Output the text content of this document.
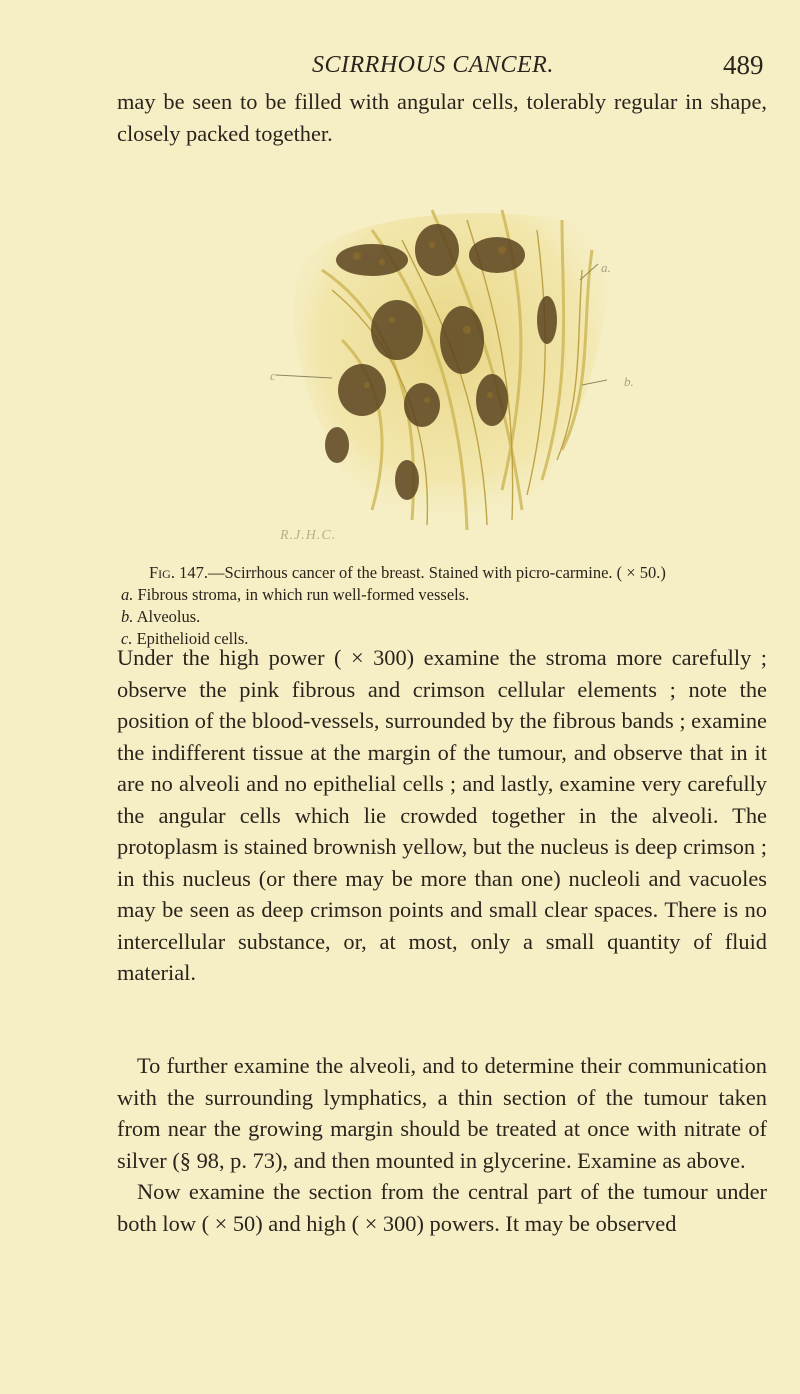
SCIRRHOUS CANCER.	489

may be seen to be filled with angular cells, tolerably regular in shape, closely packed together.

a.
b.
c
R.J.H.C.

Fig. 147.—Scirrhous cancer of the breast. Stained with picro-carmine. ( × 50.)

a. Fibrous stroma, in which run well-formed vessels.

b. Alveolus.

c. Epithelioid cells.

Under the high power ( × 300) examine the stroma more carefully ; observe the pink fibrous and crimson cellular elements ; note the position of the blood-vessels, surrounded by the fibrous bands ; examine the indifferent tissue at the margin of the tumour, and observe that in it are no alveoli and no epithelial cells ; and lastly, examine very carefully the angular cells which lie crowded together in the alveoli. The protoplasm is stained brownish yellow, but the nucleus is deep crimson ; in this nucleus (or there may be more than one) nucleoli and vacuoles may be seen as deep crimson points and small clear spaces. There is no intercellular substance, or, at most, only a small quantity of fluid material.

To further examine the alveoli, and to determine their communication with the surrounding lymphatics, a thin section of the tumour taken from near the growing margin should be treated at once with nitrate of silver (§ 98, p. 73), and then mounted in glycerine. Examine as above.

Now examine the section from the central part of the tumour under both low ( × 50) and high ( × 300) powers. It may be observed
